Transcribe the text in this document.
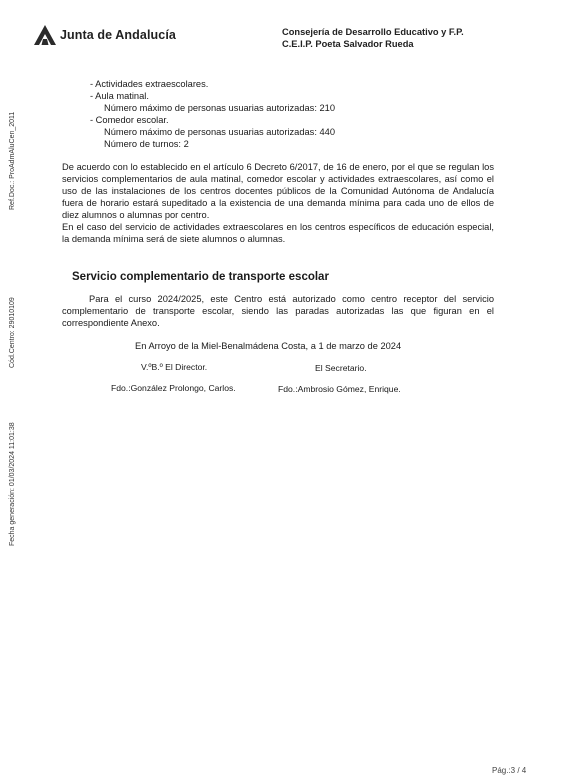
Junta de Andalucía	Consejería de Desarrollo Educativo y F.P.
C.E.I.P. Poeta Salvador Rueda
Ref.Doc.: ProAdmAluCen_2011
Cód.Centro: 29010109
Fecha generación: 01/03/2024 11:01:38

- Actividades extraescolares.

- Aula matinal.

Número máximo de personas usuarias autorizadas: 210

- Comedor escolar.

Número máximo de personas usuarias autorizadas: 440

Número de turnos: 2

De acuerdo con lo establecido en el artículo 6 Decreto 6/2017, de 16 de enero, por el que se regulan los servicios complementarios de aula matinal, comedor escolar y actividades extraescolares, así como el uso de las instalaciones de los centros docentes públicos de la Comunidad Autónoma de Andalucía fuera de horario estará supeditado a la existencia de una demanda mínima para cada uno de ellos de diez alumnos o alumnas por centro.

En el caso del servicio de actividades extraescolares en los centros específicos de educación especial, la demanda mínima será de siete alumnos o alumnas.

Servicio complementario de transporte escolar

Para el curso 2024/2025, este Centro está autorizado como centro receptor del servicio complementario de transporte escolar, siendo las paradas autorizadas las que figuran en el correspondiente Anexo.

En Arroyo de la Miel-Benalmádena Costa, a 1 de marzo de 2024
V.ºB.º El Director.	El Secretario.
Fdo.:González Prolongo, Carlos.	Fdo.:Ambrosio Gómez, Enrique.
Pág.:3 / 4
